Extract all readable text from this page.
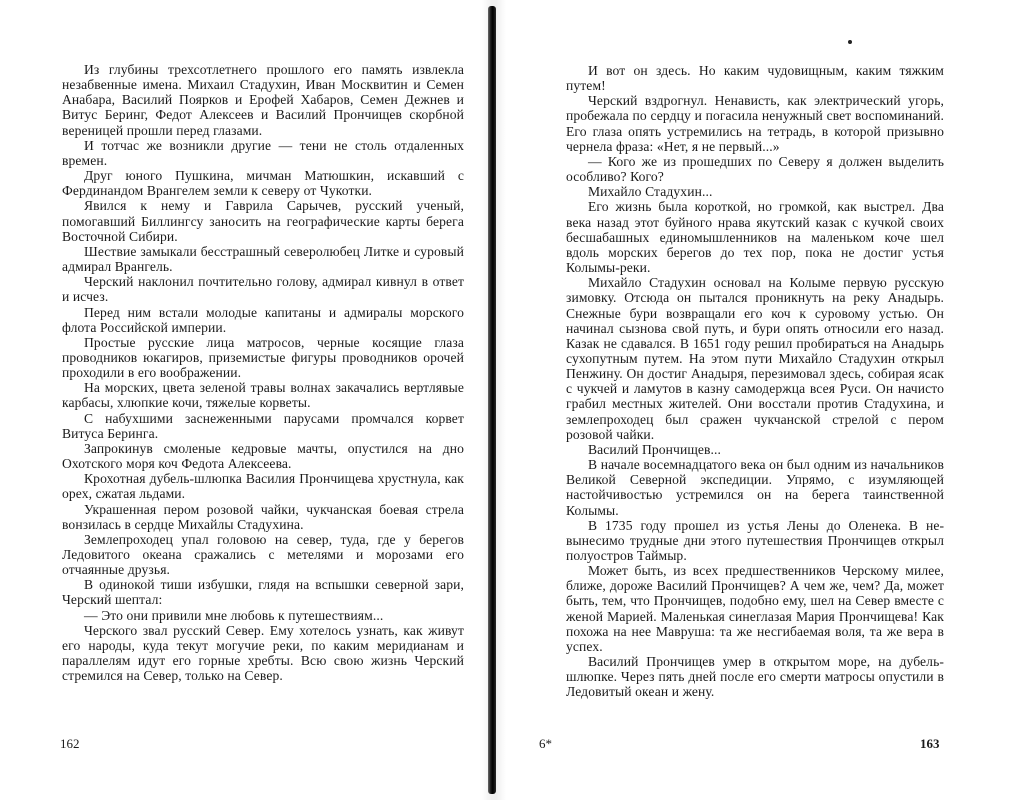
Из глубины трехсотлетнего прошлого его память извлекла незабвенные имена. Михаил Стадухин, Иван Москвитин и Семен Анабара, Василий Поярков и Ерофей Хабаров, Семен Дежнев и Витус Беринг, Федот Алексеев и Василий Прончищев скорбной вереницей прошли перед глазами.

И тотчас же возникли другие — тени не столь отдаленных времен.

Друг юного Пушкина, мичман Матюшкин, искавший с Фердинандом Врангелем земли к северу от Чукотки.

Явился к нему и Гаврила Сарычев, русский ученый, помогавший Биллингсу заносить на географические карты берега Восточной Сибири.

Шествие замыкали бесстрашный северолюбец Литке и суровый адмирал Врангель.

Черский наклонил почтительно голову, адмирал кивнул в ответ и исчез.

Перед ним встали молодые капитаны и адмиралы морского флота Российской империи.

Простые русские лица матросов, черные косящие глаза проводников юкагиров, приземистые фигуры проводников орочей проходили в его воображении.

На морских, цвета зеленой травы волнах закачались вертлявые карбасы, хлюпкие кочи, тяжелые корветы.

С набухшими заснеженными парусами промчался корвет Витуса Беринга.

Запрокинув смоленые кедровые мачты, опустился на дно Охотского моря коч Федота Алексеева.

Крохотная дубель-шлюпка Василия Прончищева хрустнула, как орех, сжатая льдами.

Украшенная пером розовой чайки, чукчанская боевая стрела вонзилась в сердце Михайлы Стадухина.

Землепроходец упал головою на север, туда, где у берегов Ледовитого океана сражались с метелями и морозами его отчаянные друзья.

В одинокой тиши избушки, глядя на вспышки северной зари, Черский шептал:

— Это они привили мне любовь к путешествиям...

Черского звал русский Север. Ему хотелось узнать, как живут его народы, куда текут могучие реки, по каким меридианам и параллелям идут его горные хребты. Всю свою жизнь Черский стремился на Север, только на Север.

162

И вот он здесь. Но каким чудовищным, каким тяжким путем!

Черский вздрогнул. Ненависть, как электрический угорь, пробежала по сердцу и погасила ненужный свет воспоминаний. Его глаза опять устремились на тетрадь, в которой призывно чернела фраза: «Нет, я не первый...»

— Кого же из прошедших по Северу я должен выделить особливо? Кого?

Михайло Стадухин...

Его жизнь была короткой, но громкой, как выстрел. Два века назад этот буйного нрава якутский казак с кучкой своих бесшабашных единомышленников на маленьком коче шел вдоль морских берегов до тех пор, пока не достиг устья Колымы-реки.

Михайло Стадухин основал на Колыме первую русскую зимовку. Отсюда он пытался проникнуть на реку Анадырь. Снежные бури возвращали его коч к суровому устью. Он начинал сызнова свой путь, и бури опять относили его назад. Казак не сдавался. В 1651 году решил пробираться на Анадырь сухопутным путем. На этом пути Михайло Стадухин открыл Пенжину. Он достиг Анадыря, перезимовал здесь, собирая ясак с чукчей и ламутов в казну самодержца всея Руси. Он начисто грабил местных жителей. Они восстали против Стадухина, и землепроходец был сражен чукчанской стрелой с пером розовой чайки.

Василий Прончищев...

В начале восемнадцатого века он был одним из начальников Великой Северной экспедиции. Упрямо, с изумляющей настойчивостью устремился он на берега таинственной Колымы.

В 1735 году прошел из устья Лены до Оленека. В невынесимо трудные дни этого путешествия Прончищев открыл полуостров Таймыр.

Может быть, из всех предшественников Черскому милее, ближе, дороже Василий Прончищев? А чем же, чем? Да, может быть, тем, что Прончищев, подобно ему, шел на Север вместе с женой Марией. Маленькая синеглазая Мария Прончищева! Как похожа на нее Мавруша: та же несгибаемая воля, та же вера в успех.

Василий Прончищев умер в открытом море, на дубель-шлюпке. Через пять дней после его смерти матросы опустили в Ледовитый океан и жену.

6*	163
